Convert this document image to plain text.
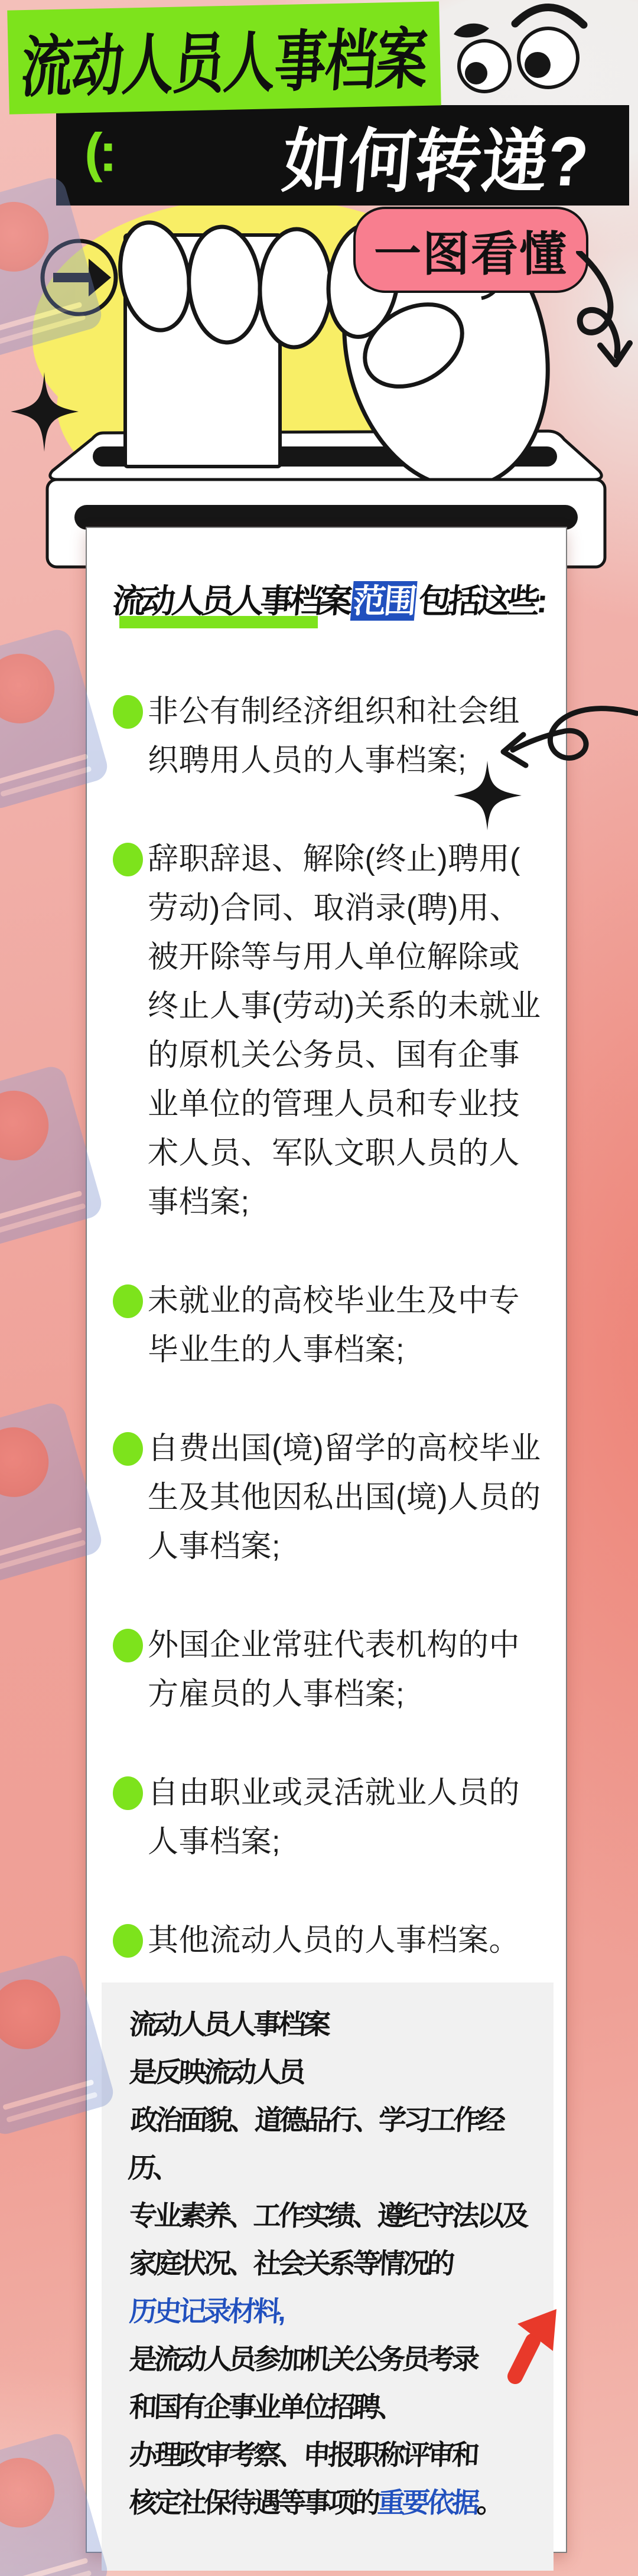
流动人员人事档案
(: 如何转递?
一图看懂
流动人员人事档案范围包括这些:
非公有制经济组织和社会组织聘用人员的人事档案;
辞职辞退、解除(终止)聘用(劳动)合同、取消录(聘)用、被开除等与用人单位解除或终止人事(劳动)关系的未就业的原机关公务员、国有企事业单位的管理人员和专业技术人员、军队文职人员的人事档案;
未就业的高校毕业生及中专毕业生的人事档案;
自费出国(境)留学的高校毕业生及其他因私出国(境)人员的人事档案;
外国企业常驻代表机构的中方雇员的人事档案;
自由职业或灵活就业人员的人事档案;
其他流动人员的人事档案。
流动人员人事档案
是反映流动人员
政治面貌、道德品行、学习工作经历、
专业素养、工作实绩、遵纪守法以及
家庭状况、社会关系等情况的
历史记录材料,
是流动人员参加机关公务员考录
和国有企事业单位招聘、
办理政审考察、申报职称评审和
核定社保待遇等事项的重要依据。
